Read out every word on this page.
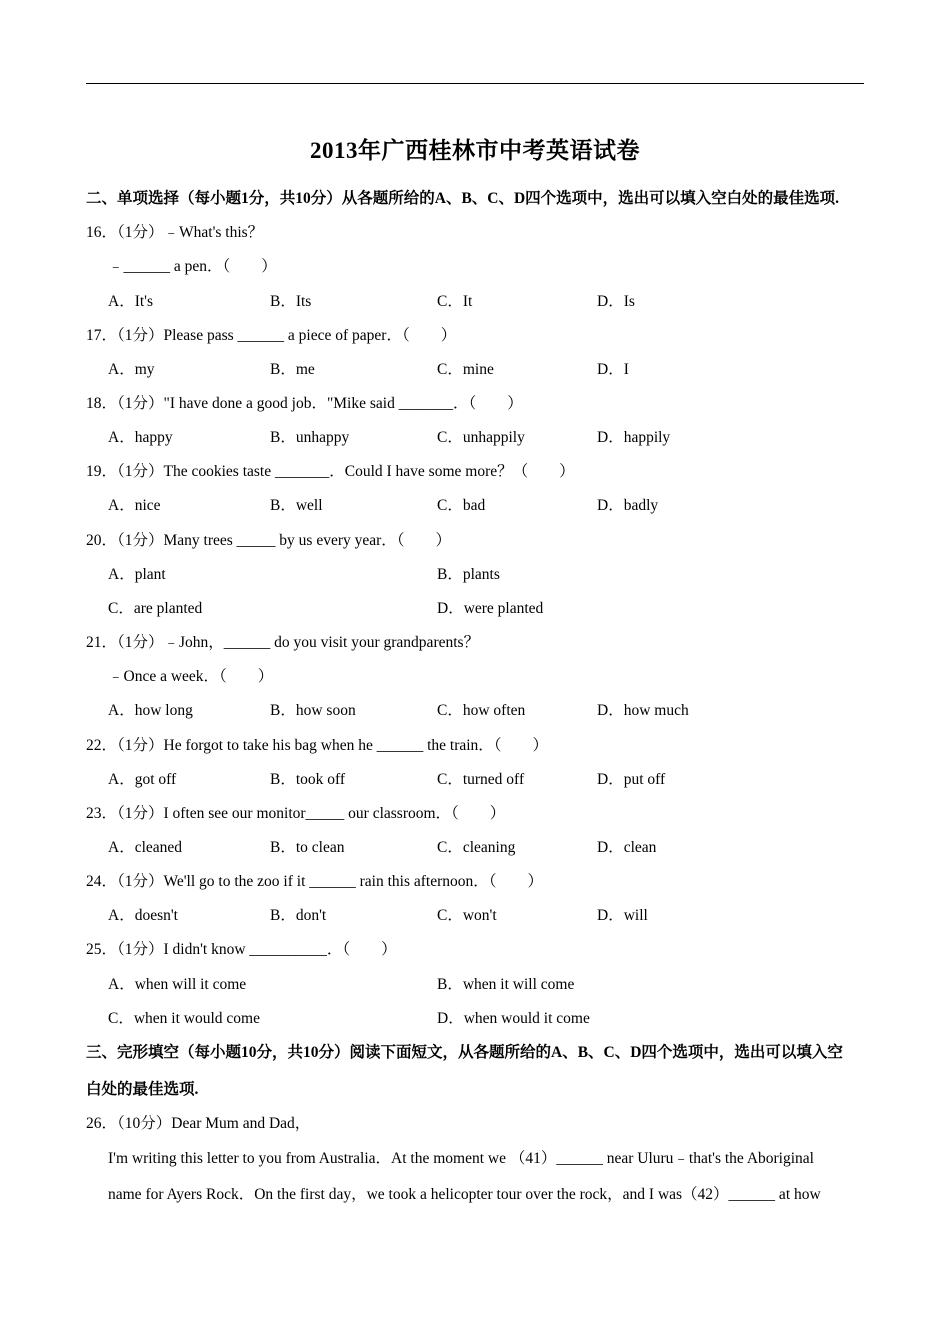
2013年广西桂林市中考英语试卷
二、单项选择（每小题1分，共10分）从各题所给的A、B、C、D四个选项中，选出可以填入空白处的最佳选项.
16．（1分）﹣What's this？
﹣______ a pen．（　　）
A．It's	B．Its	C．It	D．Is
17．（1分）Please pass ______ a piece of paper．（　　）
A．my	B．me	C．mine	D．I
18．（1分）"I have done a good job．"Mike said _______．（　　）
A．happy	B．unhappy	C．unhappily	D．happily
19．（1分）The cookies taste _______．Could I have some more？（　　）
A．nice	B．well	C．bad	D．badly
20．（1分）Many trees _____ by us every year．（　　）
A．plant	B．plants
C．are planted	D．were planted
21．（1分）﹣John，______ do you visit your grandparents？
﹣Once a week．（　　）
A．how long	B．how soon	C．how often	D．how much
22．（1分）He forgot to take his bag when he ______ the train．（　　）
A．got off	B．took off	C．turned off	D．put off
23．（1分）I often see our monitor_____ our classroom．（　　）
A．cleaned	B．to clean	C．cleaning	D．clean
24．（1分）We'll go to the zoo if it ______ rain this afternoon．（　　）
A．doesn't	B．don't	C．won't	D．will
25．（1分）I didn't know __________．（　　）
A．when will it come	B．when it will come
C．when it would come	D．when would it come
三、完形填空（每小题10分，共10分）阅读下面短文，从各题所给的A、B、C、D四个选项中，选出可以填入空
白处的最佳选项.
26．（10分）Dear Mum and Dad，
I'm writing this letter to you from Australia．At the moment we （41）______ near Uluru﹣that's the Aboriginal
name for Ayers Rock．On the first day，we took a helicopter tour over the rock，and I was（42）______ at how
